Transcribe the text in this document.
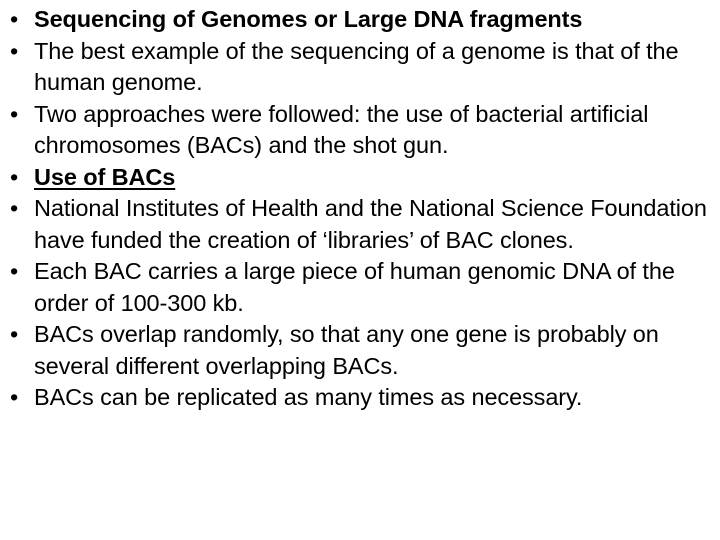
• Sequencing of Genomes or Large DNA fragments
• The best example of the sequencing of a genome is that of the human genome.
• Two approaches were followed: the use of bacterial artificial chromosomes (BACs) and the shot gun.
• Use of BACs
• National Institutes of Health and the National Science Foundation have funded the creation of ‘libraries’ of BAC clones.
• Each BAC carries a large piece of human genomic DNA of the order of 100-300 kb.
• BACs overlap randomly, so that any one gene is probably on several different overlapping BACs.
• BACs can be replicated as many times as necessary.
